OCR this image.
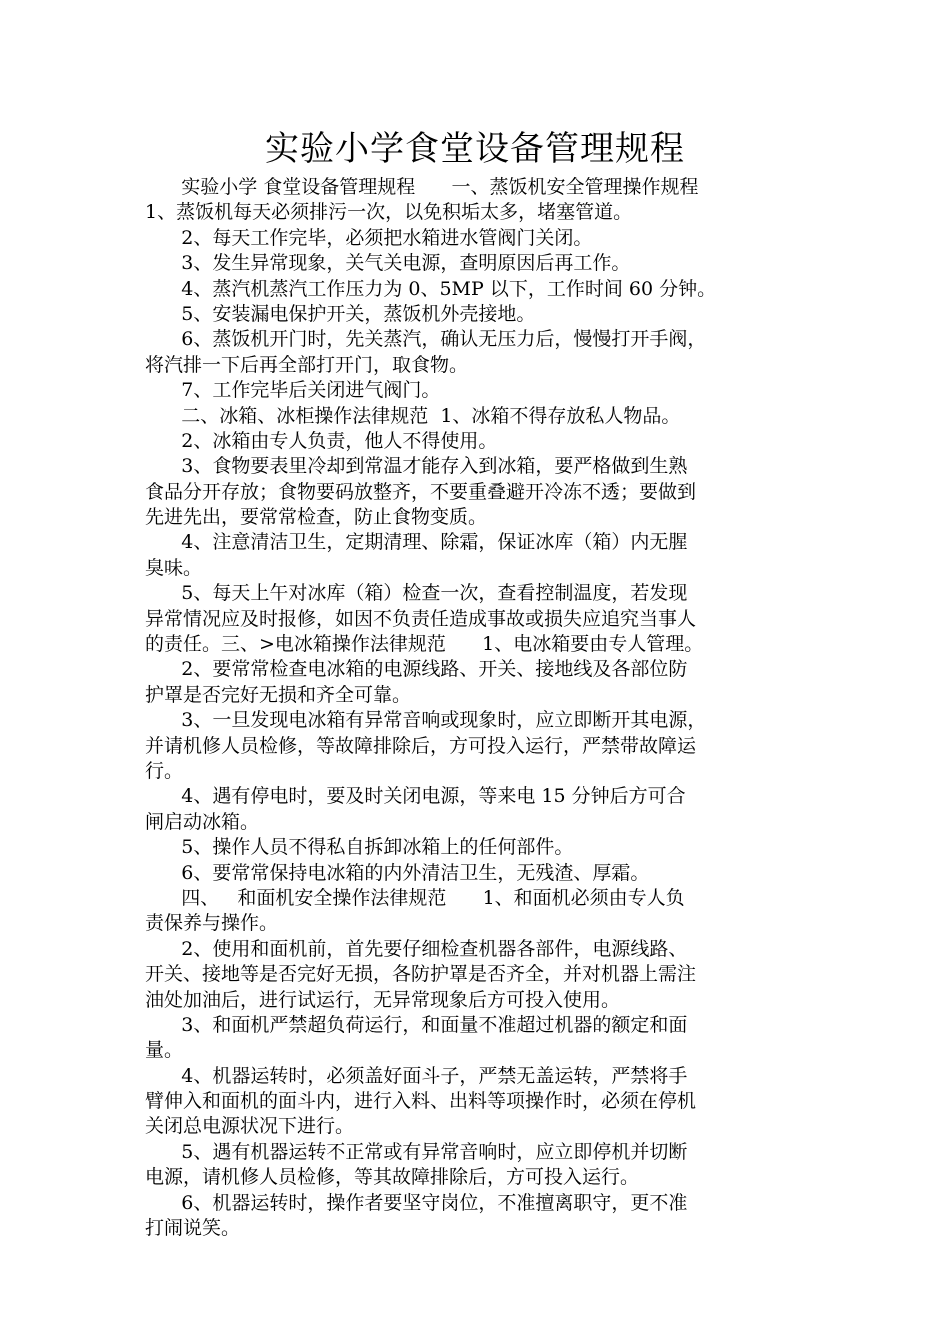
实验小学食堂设备管理规程
实验小学 食堂设备管理规程      一、蒸饭机安全管理操作规程
1、蒸饭机每天必须排污一次，以免积垢太多，堵塞管道。
2、每天工作完毕，必须把水箱进水管阀门关闭。
3、发生异常现象，关气关电源，查明原因后再工作。
4、蒸汽机蒸汽工作压力为 0、5MP 以下，工作时间 60 分钟。
5、安装漏电保护开关，蒸饭机外壳接地。
6、蒸饭机开门时，先关蒸汽，确认无压力后，慢慢打开手阀，
将汽排一下后再全部打开门，取食物。
7、工作完毕后关闭进气阀门。
二、冰箱、冰柜操作法律规范  1、冰箱不得存放私人物品。
2、冰箱由专人负责，他人不得使用。
3、食物要表里冷却到常温才能存入到冰箱，要严格做到生熟
食品分开存放；食物要码放整齐，不要重叠避开冷冻不透；要做到
先进先出，要常常检查，防止食物变质。
4、注意清洁卫生，定期清理、除霜，保证冰库（箱）内无腥
臭味。
5、每天上午对冰库（箱）检查一次，查看控制温度，若发现
异常情况应及时报修，如因不负责任造成事故或损失应追究当事人
的责任。三、>电冰箱操作法律规范      1、电冰箱要由专人管理。
2、要常常检查电冰箱的电源线路、开关、接地线及各部位防
护罩是否完好无损和齐全可靠。
3、一旦发现电冰箱有异常音响或现象时，应立即断开其电源，
并请机修人员检修，等故障排除后，方可投入运行，严禁带故障运
行。
4、遇有停电时，要及时关闭电源，等来电 15 分钟后方可合
闸启动冰箱。
5、操作人员不得私自拆卸冰箱上的任何部件。
6、要常常保持电冰箱的内外清洁卫生，无残渣、厚霜。
四、   和面机安全操作法律规范      1、和面机必须由专人负
责保养与操作。
2、使用和面机前，首先要仔细检查机器各部件，电源线路、
开关、接地等是否完好无损，各防护罩是否齐全，并对机器上需注
油处加油后，进行试运行，无异常现象后方可投入使用。
3、和面机严禁超负荷运行，和面量不准超过机器的额定和面
量。
4、机器运转时，必须盖好面斗子，严禁无盖运转，严禁将手
臂伸入和面机的面斗内，进行入料、出料等项操作时，必须在停机
关闭总电源状况下进行。
5、遇有机器运转不正常或有异常音响时，应立即停机并切断
电源，请机修人员检修，等其故障排除后，方可投入运行。
6、机器运转时，操作者要坚守岗位，不准擅离职守，更不准
打闹说笑。
